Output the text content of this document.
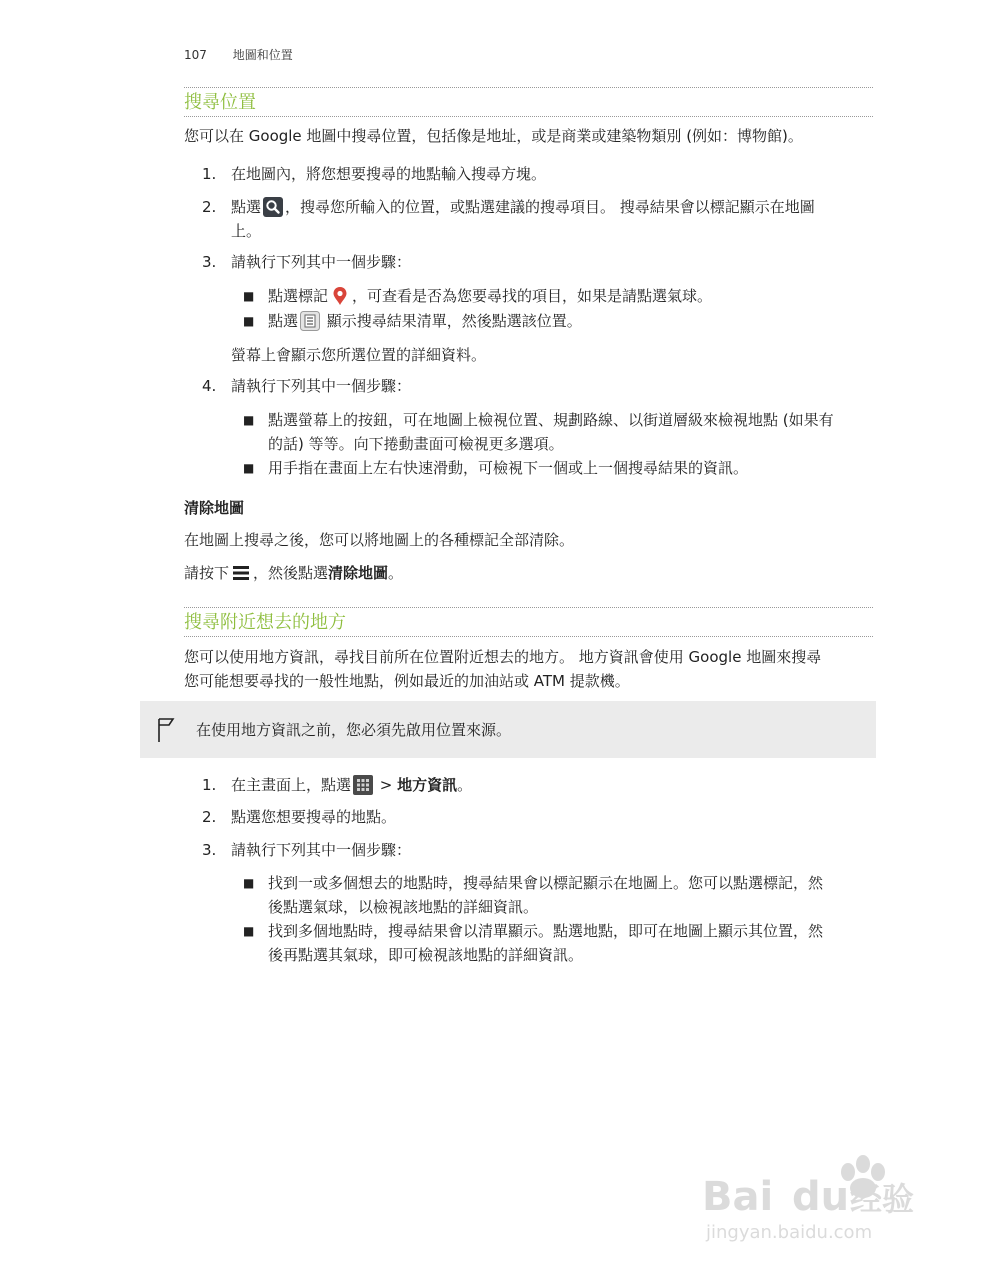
107 地圖和位置
搜尋位置
您可以在 Google 地圖中搜尋位置，包括像是地址，或是商業或建築物類別 (例如：博物館)。
1. 在地圖內，將您想要搜尋的地點輸入搜尋方塊。
2. 點選 ，搜尋您所輸入的位置，或點選建議的搜尋項目。 搜尋結果會以標記顯示在地圖
上。
3. 請執行下列其中一個步驟：
■ 點選標記 ，可查看是否為您要尋找的項目，如果是請點選氣球。
■ 點選 顯示搜尋結果清單，然後點選該位置。
螢幕上會顯示您所選位置的詳細資料。
4. 請執行下列其中一個步驟：
■ 點選螢幕上的按鈕，可在地圖上檢視位置、規劃路線、以街道層級來檢視地點 (如果有
的話) 等等。向下捲動畫面可檢視更多選項。
■ 用手指在畫面上左右快速滑動，可檢視下一個或上一個搜尋結果的資訊。
清除地圖
在地圖上搜尋之後，您可以將地圖上的各種標記全部清除。
請按下 ，然後點選清除地圖。
搜尋附近想去的地方
您可以使用地方資訊，尋找目前所在位置附近想去的地方。 地方資訊會使用 Google 地圖來搜尋
您可能想要尋找的一般性地點，例如最近的加油站或 ATM 提款機。
在使用地方資訊之前，您必須先啟用位置來源。
1. 在主畫面上，點選 > 地方資訊。
2. 點選您想要搜尋的地點。
3. 請執行下列其中一個步驟：
■ 找到一或多個想去的地點時，搜尋結果會以標記顯示在地圖上。您可以點選標記，然
後點選氣球，以檢視該地點的詳細資訊。
■ 找到多個地點時，搜尋結果會以清單顯示。點選地點，即可在地圖上顯示其位置，然
後再點選其氣球，即可檢視該地點的詳細資訊。
Bai du 经验
jingyan.baidu.com
